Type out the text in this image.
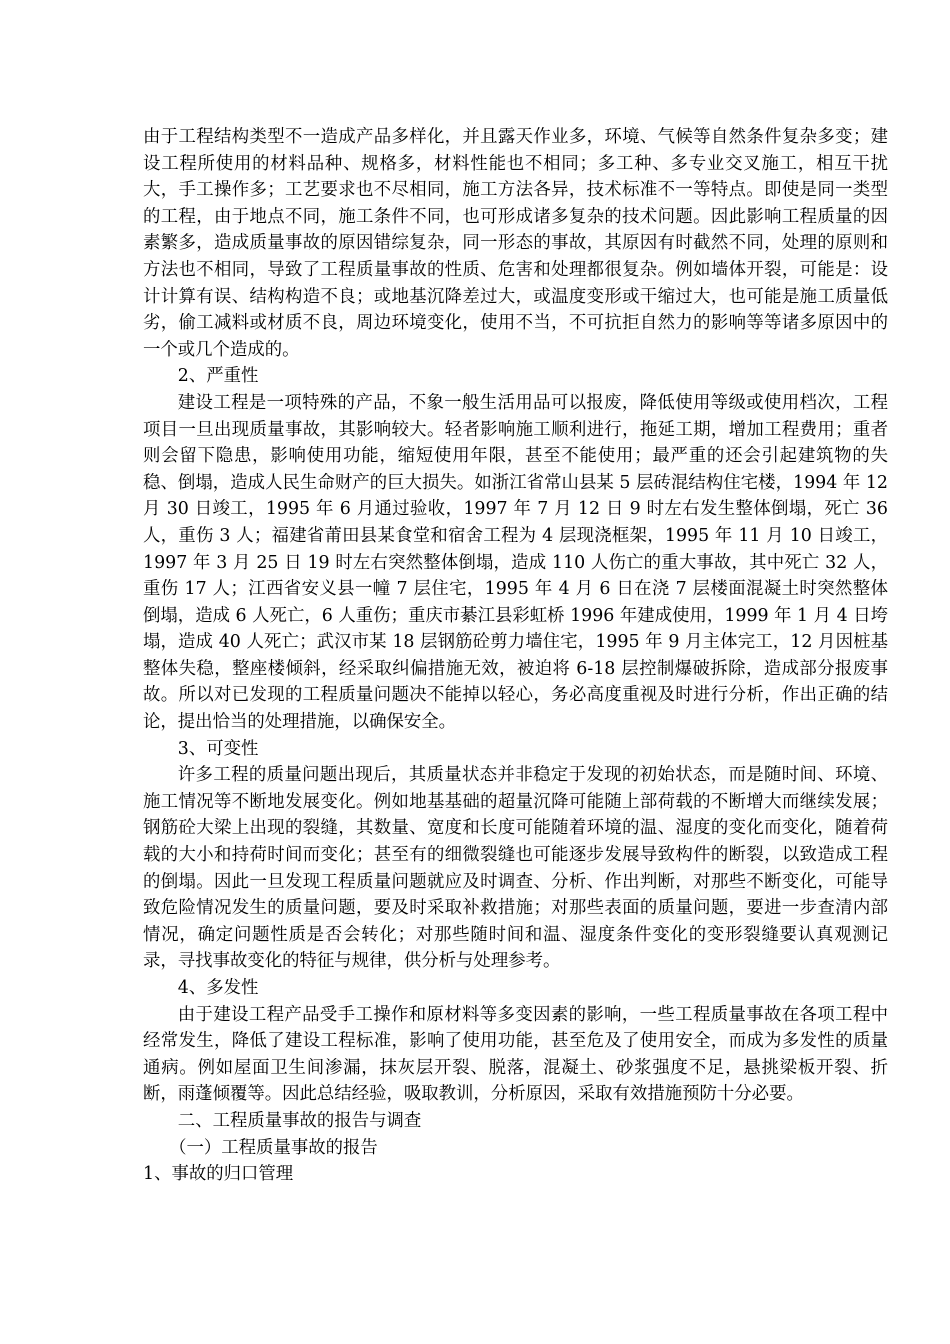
由于工程结构类型不一造成产品多样化，并且露天作业多，环境、气候等自然条件复杂多变；建设工程所使用的材料品种、规格多，材料性能也不相同；多工种、多专业交叉施工，相互干扰大，手工操作多；工艺要求也不尽相同，施工方法各异，技术标准不一等特点。即使是同一类型的工程，由于地点不同，施工条件不同，也可形成诸多复杂的技术问题。因此影响工程质量的因素繁多，造成质量事故的原因错综复杂，同一形态的事故，其原因有时截然不同，处理的原则和方法也不相同，导致了工程质量事故的性质、危害和处理都很复杂。例如墙体开裂，可能是：设计计算有误、结构构造不良；或地基沉降差过大，或温度变形或干缩过大，也可能是施工质量低劣，偷工减料或材质不良，周边环境变化，使用不当，不可抗拒自然力的影响等等诸多原因中的一个或几个造成的。

2、严重性

建设工程是一项特殊的产品，不象一般生活用品可以报废，降低使用等级或使用档次，工程项目一旦出现质量事故，其影响较大。轻者影响施工顺利进行，拖延工期，增加工程费用；重者则会留下隐患，影响使用功能，缩短使用年限，甚至不能使用；最严重的还会引起建筑物的失稳、倒塌，造成人民生命财产的巨大损失。如浙江省常山县某 5 层砖混结构住宅楼，1994 年 12 月 30 日竣工，1995 年 6 月通过验收，1997 年 7 月 12 日 9 时左右发生整体倒塌，死亡 36 人，重伤 3 人；福建省莆田县某食堂和宿舍工程为 4 层现浇框架，1995 年 11 月 10 日竣工，1997 年 3 月 25 日 19 时左右突然整体倒塌，造成 110 人伤亡的重大事故，其中死亡 32 人，重伤 17 人；江西省安义县一幢 7 层住宅，1995 年 4 月 6 日在浇 7 层楼面混凝土时突然整体倒塌，造成 6 人死亡，6 人重伤；重庆市綦江县彩虹桥 1996 年建成使用，1999 年 1 月 4 日垮塌，造成 40 人死亡；武汉市某 18 层钢筋砼剪力墙住宅，1995 年 9 月主体完工，12 月因桩基整体失稳，整座楼倾斜，经采取纠偏措施无效，被迫将 6-18 层控制爆破拆除，造成部分报废事故。所以对已发现的工程质量问题决不能掉以轻心，务必高度重视及时进行分析，作出正确的结论，提出恰当的处理措施，以确保安全。

3、可变性

许多工程的质量问题出现后，其质量状态并非稳定于发现的初始状态，而是随时间、环境、施工情况等不断地发展变化。例如地基基础的超量沉降可能随上部荷载的不断增大而继续发展；钢筋砼大梁上出现的裂缝，其数量、宽度和长度可能随着环境的温、湿度的变化而变化，随着荷载的大小和持荷时间而变化；甚至有的细微裂缝也可能逐步发展导致构件的断裂，以致造成工程的倒塌。因此一旦发现工程质量问题就应及时调查、分析、作出判断，对那些不断变化，可能导致危险情况发生的质量问题，要及时采取补救措施；对那些表面的质量问题，要进一步查清内部情况，确定问题性质是否会转化；对那些随时间和温、湿度条件变化的变形裂缝要认真观测记录，寻找事故变化的特征与规律，供分析与处理参考。

4、多发性

由于建设工程产品受手工操作和原材料等多变因素的影响，一些工程质量事故在各项工程中经常发生，降低了建设工程标准，影响了使用功能，甚至危及了使用安全，而成为多发性的质量通病。例如屋面卫生间渗漏，抹灰层开裂、脱落，混凝土、砂浆强度不足，悬挑梁板开裂、折断，雨蓬倾覆等。因此总结经验，吸取教训，分析原因，采取有效措施预防十分必要。

二、工程质量事故的报告与调查

（一）工程质量事故的报告

1、事故的归口管理
